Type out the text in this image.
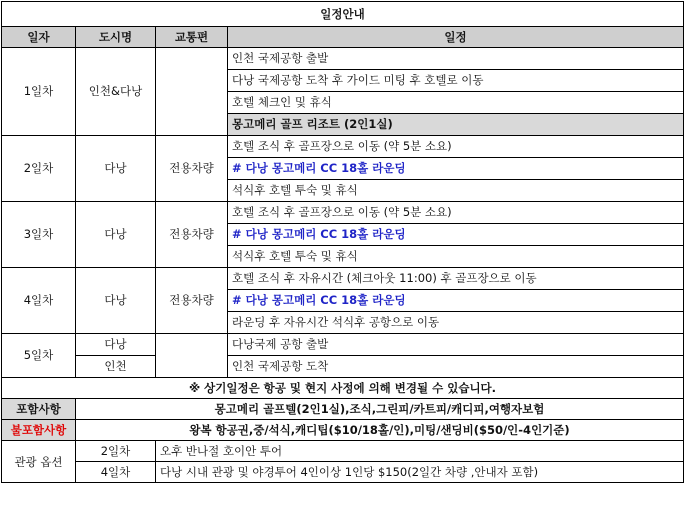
일정안내			
일자	도시명	교통편	일정
1일차	인천&다낭		인천 국제공항 출발
			다낭 국제공항 도착 후 가이드 미팅 후 호텔로 이동
			호텔 체크인 및 휴식
			몽고메리 골프 리조트 (2인1실)
2일차	다낭	전용차량	호텔 조식 후 골프장으로 이동 (약 5분 소요)
			# 다낭 몽고메리 CC 18홀 라운딩
			석식후 호텔 투숙 및 휴식
3일차	다낭	전용차량	호텔 조식 후 골프장으로 이동 (약 5분 소요)
			# 다낭 몽고메리 CC 18홀 라운딩
			석식후 호텔 투숙 및 휴식
4일차	다낭	전용차량	호텔 조식 후 자유시간 (체크아웃 11:00) 후 골프장으로 이동
			# 다낭 몽고메리 CC 18홀 라운딩
			라운딩 후 자유시간 석식후 공항으로 이동
5일차	다낭		다낭국제 공항 출발
	인천		인천 국제공항 도착
※ 상기일정은 항공 및 현지 사정에 의해 변경될 수 있습니다.			
포함사항	몽고메리 골프텔(2인1실),조식,그린피/카트피/캐디피,여행자보험		
불포함사항	왕복 항공권,중/석식,캐디팁($10/18홀/인),미팅/샌딩비($50/인-4인기준)		
관광 옵션	2일차	오후 반나절 호이안 투어	
	4일차	다낭 시내 관광 및 야경투어 4인이상 1인당 $150(2일간 차량 ,안내자 포함)	
